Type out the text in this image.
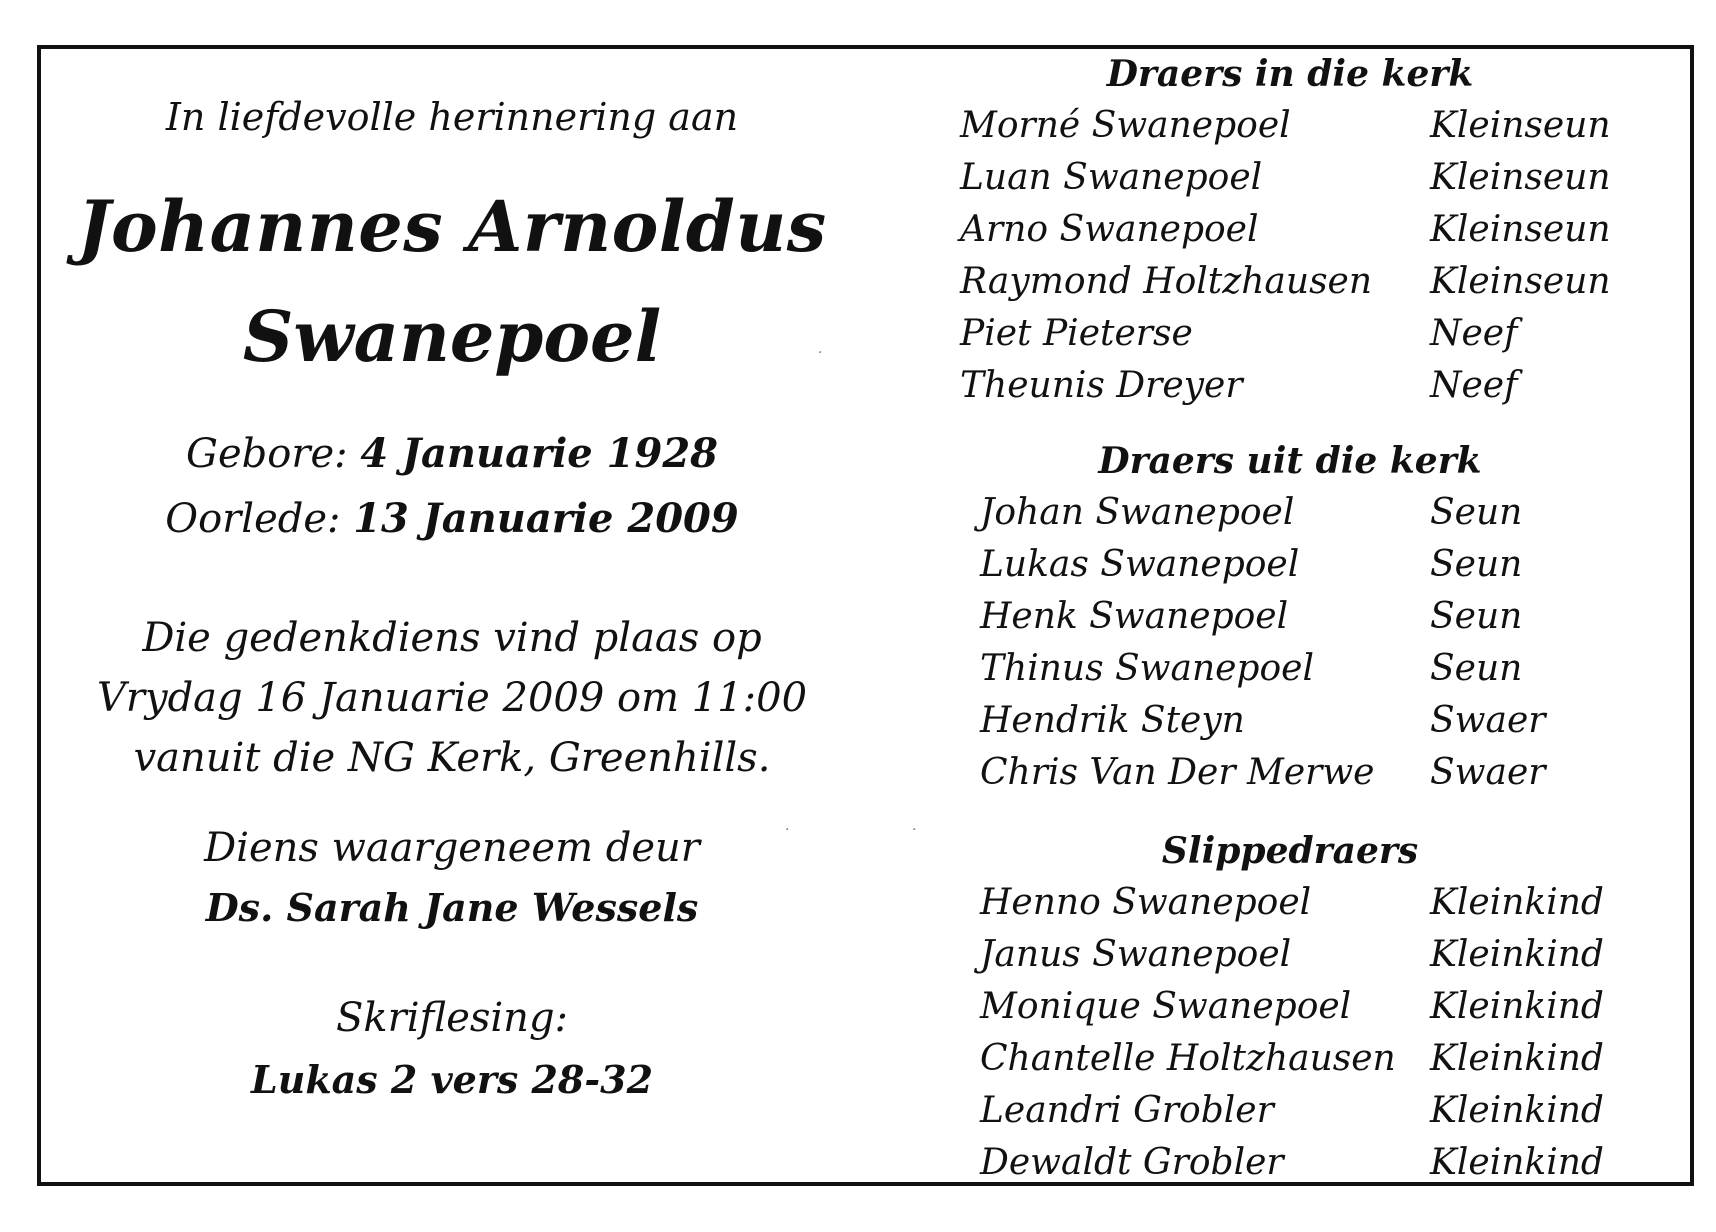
In liefdevolle herinnering aan
Johannes Arnoldus
Swanepoel
Gebore: 4 Januarie 1928
Oorlede: 13 Januarie 2009
Die gedenkdiens vind plaas op
Vrydag 16 Januarie 2009 om 11:00
vanuit die NG Kerk, Greenhills.
Diens waargeneem deur
Ds. Sarah Jane Wessels
Skriflesing:
Lukas 2 vers 28-32
Draers in die kerk
Morné Swanepoel	Kleinseun
Luan Swanepoel	Kleinseun
Arno Swanepoel	Kleinseun
Raymond Holtzhausen Kleinseun
Piet Pieterse	Neef
Theunis Dreyer	Neef
Draers uit die kerk
Johan Swanepoel	Seun
Lukas Swanepoel	Seun
Henk Swanepoel	Seun
Thinus Swanepoel	Seun
Hendrik Steyn	Swaer
Chris Van Der Merwe Swaer
Slippedraers
Henno Swanepoel	Kleinkind
Janus Swanepoel	Kleinkind
Monique Swanepoel Kleinkind
Chantelle Holtzhausen Kleinkind
Leandri Grobler	Kleinkind
Dewaldt Grobler	Kleinkind
·
·	·
